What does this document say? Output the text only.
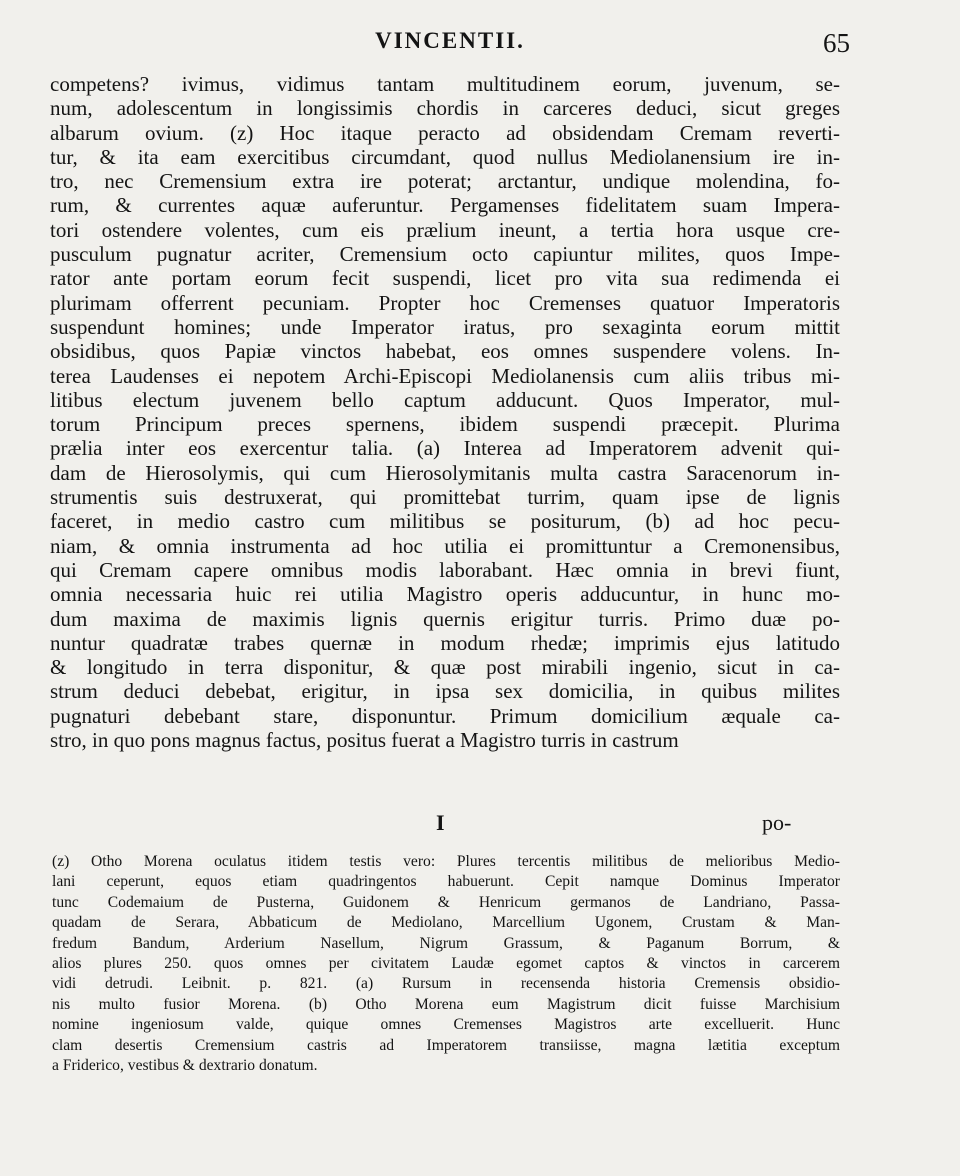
VINCENTII.	65
competens? ivimus, vidimus tantam multitudinem eorum, juvenum, se-
num, adolescentum in longissimis chordis in carceres deduci, sicut greges
albarum ovium. (z) Hoc itaque peracto ad obsidendam Cremam reverti-
tur, & ita eam exercitibus circumdant, quod nullus Mediolanensium ire in-
tro, nec Cremensium extra ire poterat; arctantur, undique molendina, fo-
rum, & currentes aquæ auferuntur. Pergamenses fidelitatem suam Impera-
tori ostendere volentes, cum eis prælium ineunt, a tertia hora usque cre-
pusculum pugnatur acriter, Cremensium octo capiuntur milites, quos Impe-
rator ante portam eorum fecit suspendi, licet pro vita sua redimenda ei
plurimam offerrent pecuniam. Propter hoc Cremenses quatuor Imperatoris
suspendunt homines; unde Imperator iratus, pro sexaginta eorum mittit
obsidibus, quos Papiæ vinctos habebat, eos omnes suspendere volens. In-
terea Laudenses ei nepotem Archi-Episcopi Mediolanensis cum aliis tribus mi-
litibus electum juvenem bello captum adducunt. Quos Imperator, mul-
torum Principum preces spernens, ibidem suspendi præcepit. Plurima
prælia inter eos exercentur talia. (a) Interea ad Imperatorem advenit qui-
dam de Hierosolymis, qui cum Hierosolymitanis multa castra Saracenorum in-
strumentis suis destruxerat, qui promittebat turrim, quam ipse de lignis
faceret, in medio castro cum militibus se positurum, (b) ad hoc pecu-
niam, & omnia instrumenta ad hoc utilia ei promittuntur a Cremonensibus,
qui Cremam capere omnibus modis laborabant. Hæc omnia in brevi fiunt,
omnia necessaria huic rei utilia Magistro operis adducuntur, in hunc mo-
dum maxima de maximis lignis quernis erigitur turris. Primo duæ po-
nuntur quadratæ trabes quernæ in modum rhedæ; imprimis ejus latitudo
& longitudo in terra disponitur, & quæ post mirabili ingenio, sicut in ca-
strum deduci debebat, erigitur, in ipsa sex domicilia, in quibus milites
pugnaturi debebant stare, disponuntur. Primum domicilium æquale ca-
stro, in quo pons magnus factus, positus fuerat a Magistro turris in castrum
I	po-
(z) Otho Morena oculatus itidem testis vero: Plures tercentis militibus de melioribus Medio-
lani ceperunt, equos etiam quadringentos habuerunt. Cepit namque Dominus Imperator
tunc Codemaium de Pusterna, Guidonem & Henricum germanos de Landriano, Passa-
quadam de Serara, Abbaticum de Mediolano, Marcellium Ugonem, Crustam & Man-
fredum Bandum, Arderium Nasellum, Nigrum Grassum, & Paganum Borrum, &
alios plures 250. quos omnes per civitatem Laudæ egomet captos & vinctos in carcerem
vidi detrudi. Leibnit. p. 821. (a) Rursum in recensenda historia Cremensis obsidio-
nis multo fusior Morena. (b) Otho Morena eum Magistrum dicit fuisse Marchisium
nomine ingeniosum valde, quique omnes Cremenses Magistros arte excelluerit. Hunc
clam desertis Cremensium castris ad Imperatorem transiisse, magna lætitia exceptum
a Friderico, vestibus & dextrario donatum.
